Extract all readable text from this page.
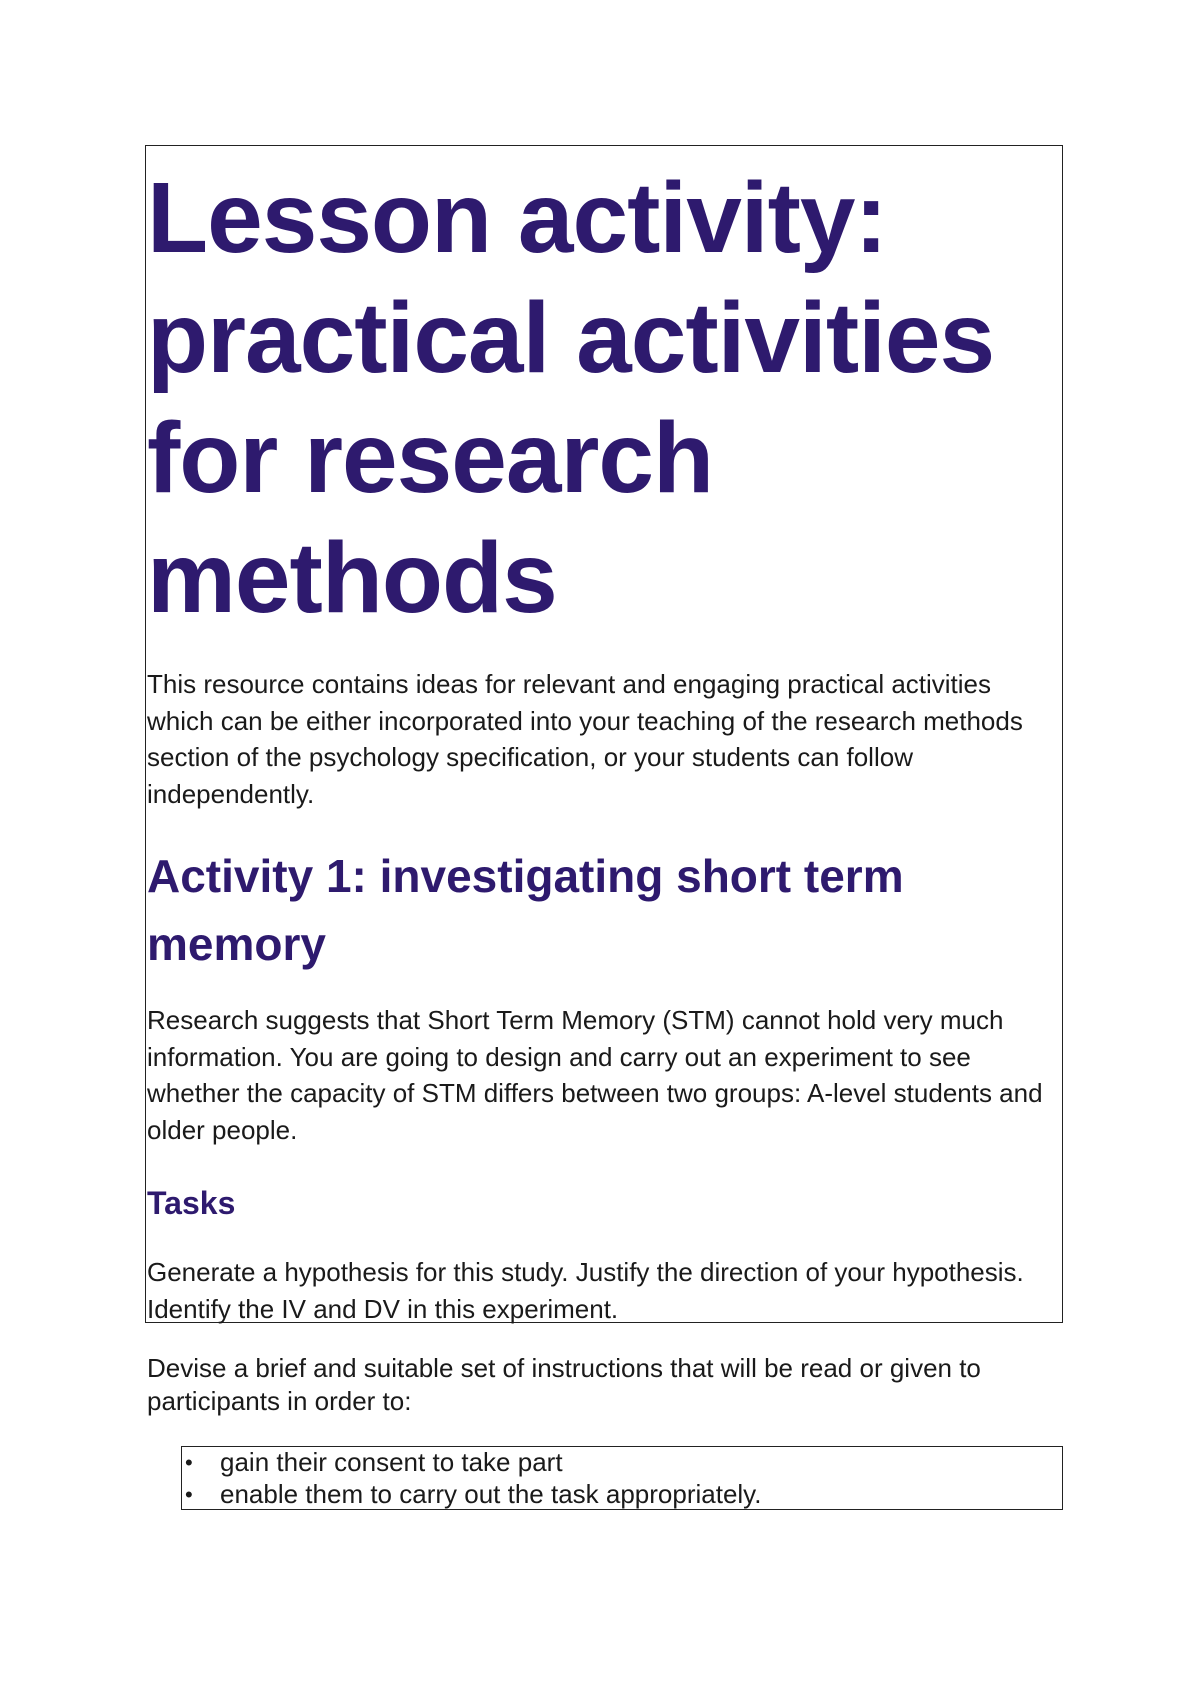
Lesson activity: practical activities for research methods

This resource contains ideas for relevant and engaging practical activities which can be either incorporated into your teaching of the research methods section of the psychology specification, or your students can follow independently.

Activity 1: investigating short term memory

Research suggests that Short Term Memory (STM) cannot hold very much information. You are going to design and carry out an experiment to see whether the capacity of STM differs between two groups: A-level students and older people.

Tasks

Generate a hypothesis for this study. Justify the direction of your hypothesis. Identify the IV and DV in this experiment.

Devise a brief and suitable set of instructions that will be read or given to participants in order to:

• gain their consent to take part
• enable them to carry out the task appropriately.
